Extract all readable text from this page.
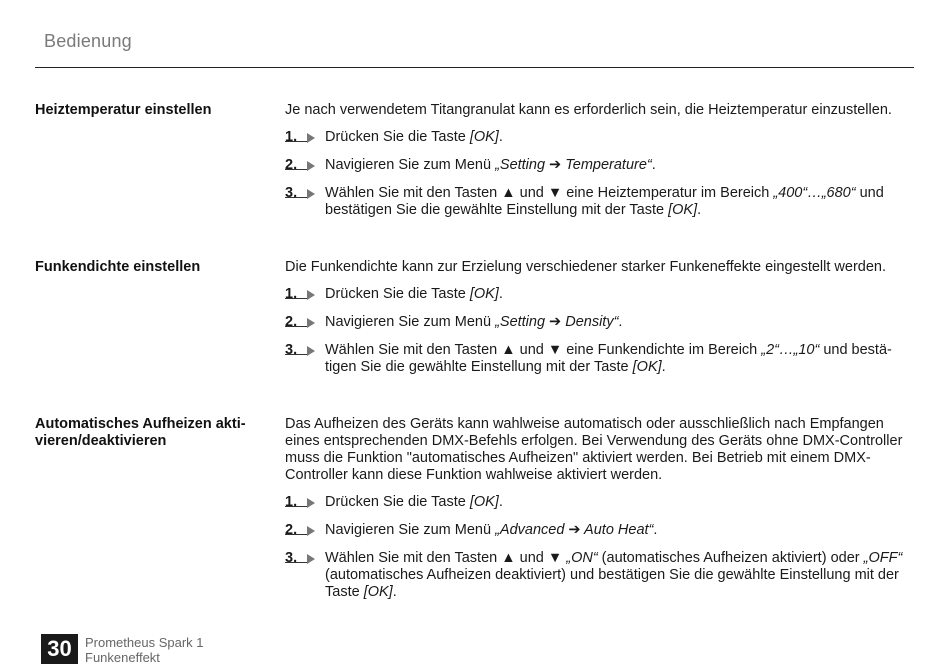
Bedienung
Heiztemperatur einstellen	Je nach verwendetem Titangranulat kann es erforderlich sein, die Heiztemperatur einzustellen.

1.	Drücken Sie die Taste [OK].
2.	Navigieren Sie zum Menü „Setting ➔ Temperature“.
3.	Wählen Sie mit den Tasten ▲ und ▼ eine Heiztemperatur im Bereich „400“…„680“ und bestätigen Sie die gewählte Einstellung mit der Taste [OK].
Funkendichte einstellen	Die Funkendichte kann zur Erzielung verschiedener starker Funkeneffekte eingestellt werden.

1.	Drücken Sie die Taste [OK].
2.	Navigieren Sie zum Menü „Setting ➔ Density“.
3.	Wählen Sie mit den Tasten ▲ und ▼ eine Funkendichte im Bereich „2“…„10“ und bestätigen Sie die gewählte Einstellung mit der Taste [OK].
Automatisches Aufheizen aktivieren/deaktivieren

Das Aufheizen des Geräts kann wahlweise automatisch oder ausschließlich nach Empfangen eines entsprechenden DMX-Befehls erfolgen. Bei Verwendung des Geräts ohne DMX-Controller muss die Funktion "automatisches Aufheizen" aktiviert werden. Bei Betrieb mit einem DMX-Controller kann diese Funktion wahlweise aktiviert werden.

1.	Drücken Sie die Taste [OK].
2.	Navigieren Sie zum Menü „Advanced ➔ Auto Heat“.
3.	Wählen Sie mit den Tasten ▲ und ▼ „ON“ (automatisches Aufheizen aktiviert) oder „OFF“ (automatisches Aufheizen deaktiviert) und bestätigen Sie die gewählte Einstellung mit der Taste [OK].
30	Prometheus Spark 1
Funkeneffekt
